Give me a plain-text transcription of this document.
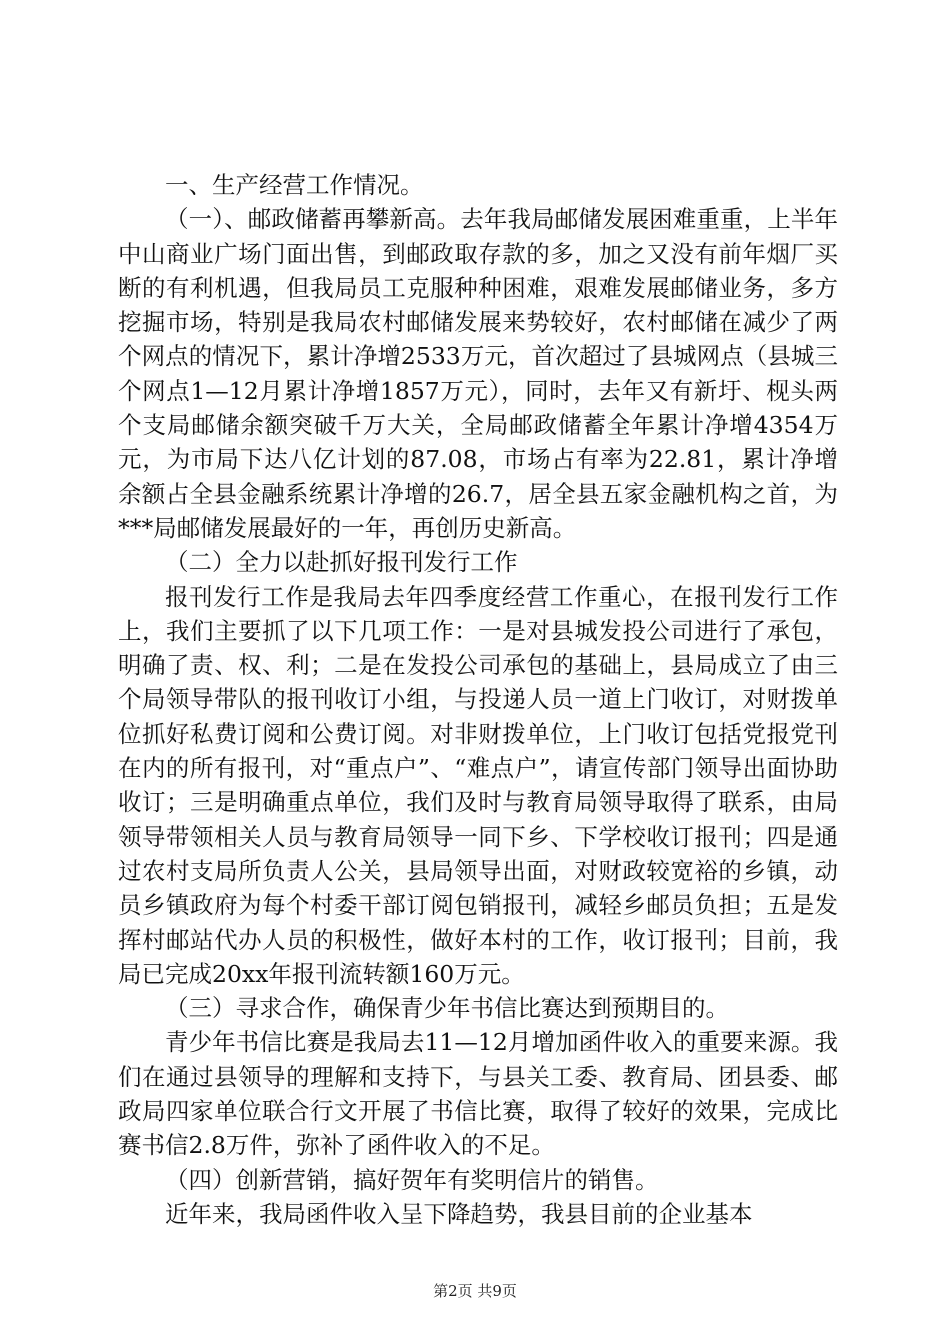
一、生产经营工作情况。

（一）、邮政储蓄再攀新高。去年我局邮储发展困难重重，上半年中山商业广场门面出售，到邮政取存款的多，加之又没有前年烟厂买断的有利机遇，但我局员工克服种种困难，艰难发展邮储业务，多方挖掘市场，特别是我局农村邮储发展来势较好，农村邮储在减少了两个网点的情况下，累计净增2533万元，首次超过了县城网点（县城三个网点1—12月累计净增1857万元），同时，去年又有新圩、枧头两个支局邮储余额突破千万大关，全局邮政储蓄全年累计净增4354万元，为市局下达八亿计划的87.08，市场占有率为22.81，累计净增余额占全县金融系统累计净增的26.7，居全县五家金融机构之首，为***局邮储发展最好的一年，再创历史新高。

（二）全力以赴抓好报刊发行工作

报刊发行工作是我局去年四季度经营工作重心，在报刊发行工作上，我们主要抓了以下几项工作：一是对县城发投公司进行了承包，明确了责、权、利；二是在发投公司承包的基础上，县局成立了由三个局领导带队的报刊收订小组，与投递人员一道上门收订，对财拨单位抓好私费订阅和公费订阅。对非财拨单位，上门收订包括党报党刊在内的所有报刊，对“重点户”、“难点户”，请宣传部门领导出面协助收订；三是明确重点单位，我们及时与教育局领导取得了联系，由局领导带领相关人员与教育局领导一同下乡、下学校收订报刊；四是通过农村支局所负责人公关，县局领导出面，对财政较宽裕的乡镇，动员乡镇政府为每个村委干部订阅包销报刊，减轻乡邮员负担；五是发挥村邮站代办人员的积极性，做好本村的工作，收订报刊；目前，我局已完成20xx年报刊流转额160万元。

（三）寻求合作，确保青少年书信比赛达到预期目的。

青少年书信比赛是我局去11—12月增加函件收入的重要来源。我们在通过县领导的理解和支持下，与县关工委、教育局、团县委、邮政局四家单位联合行文开展了书信比赛，取得了较好的效果，完成比赛书信2.8万件，弥补了函件收入的不足。

（四）创新营销，搞好贺年有奖明信片的销售。

近年来，我局函件收入呈下降趋势，我县目前的企业基本

第2页 共9页
